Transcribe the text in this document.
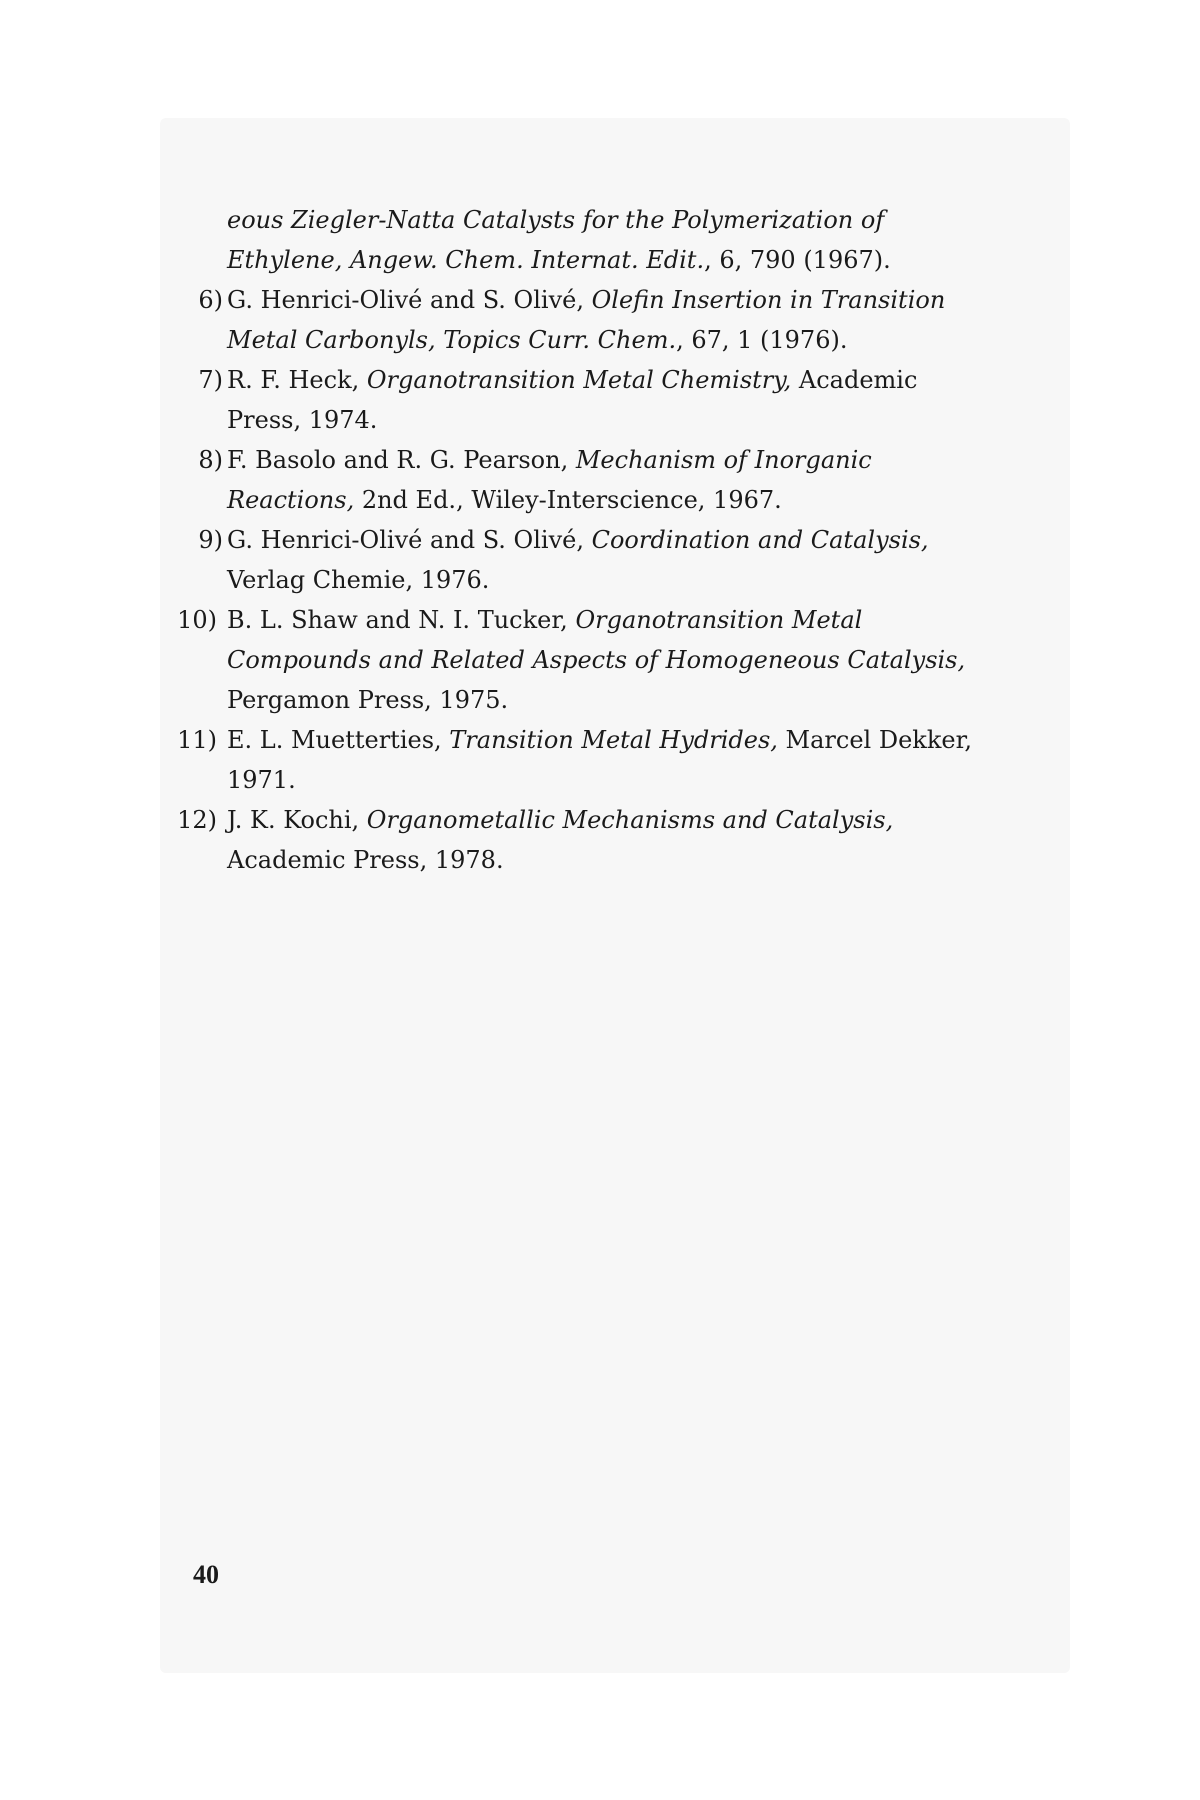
eous Ziegler-Natta Catalysts for the Polymerization of Ethylene, Angew. Chem. Internat. Edit., 6, 790 (1967).

6) G. Henrici-Olivé and S. Olivé, Olefin Insertion in Transition Metal Carbonyls, Topics Curr. Chem., 67, 1 (1976).

7) R. F. Heck, Organotransition Metal Chemistry, Academic Press, 1974.

8) F. Basolo and R. G. Pearson, Mechanism of Inorganic Reactions, 2nd Ed., Wiley-Interscience, 1967.

9) G. Henrici-Olivé and S. Olivé, Coordination and Catalysis, Verlag Chemie, 1976.

10) B. L. Shaw and N. I. Tucker, Organotransition Metal Compounds and Related Aspects of Homogeneous Catalysis, Pergamon Press, 1975.

11) E. L. Muetterties, Transition Metal Hydrides, Marcel Dekker, 1971.

12) J. K. Kochi, Organometallic Mechanisms and Catalysis, Academic Press, 1978.

40
